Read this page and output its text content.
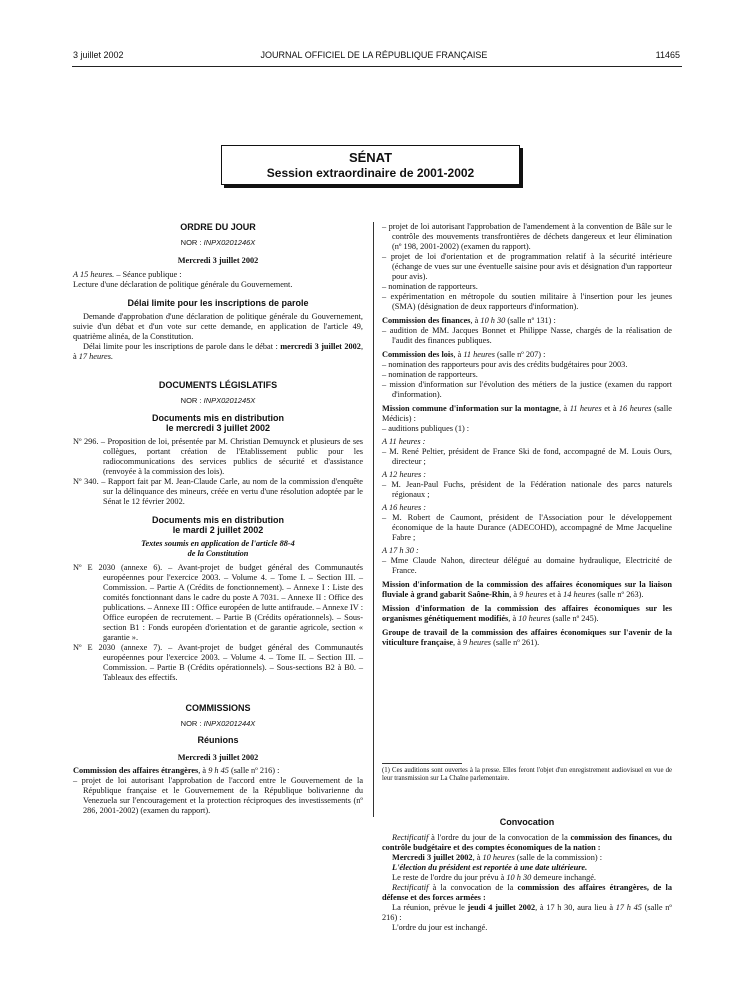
3 juillet 2002	JOURNAL OFFICIEL DE LA RÉPUBLIQUE FRANÇAISE	11465
SÉNAT
Session extraordinaire de 2001-2002
ORDRE DU JOUR
NOR : INPX0201246X
Mercredi 3 juillet 2002
A 15 heures. – Séance publique :
Lecture d'une déclaration de politique générale du Gouvernement.
Délai limite pour les inscriptions de parole
Demande d'approbation d'une déclaration de politique générale du Gouvernement, suivie d'un débat et d'un vote sur cette demande, en application de l'article 49, quatrième alinéa, de la Constitution.
Délai limite pour les inscriptions de parole dans le débat : mercredi 3 juillet 2002, à 17 heures.
DOCUMENTS LÉGISLATIFS
NOR : INPX0201245X
Documents mis en distribution
le mercredi 3 juillet 2002
Nº 296. – Proposition de loi, présentée par M. Christian Demuynck et plusieurs de ses collègues, portant création de l'Etablissement public pour les radiocommunications des services publics de sécurité et d'assistance (renvoyée à la commission des lois).
Nº 340. – Rapport fait par M. Jean-Claude Carle, au nom de la commission d'enquête sur la délinquance des mineurs, créée en vertu d'une résolution adoptée par le Sénat le 12 février 2002.
Documents mis en distribution
le mardi 2 juillet 2002
Textes soumis en application de l'article 88-4
de la Constitution
Nº E 2030 (annexe 6). – Avant-projet de budget général des Communautés européennes pour l'exercice 2003. – Volume 4. – Tome I. – Section III. – Commission. – Partie A (Crédits de fonctionnement). – Annexe I : Liste des comités fonctionnant dans le cadre du poste A 7031. – Annexe II : Office des publications. – Annexe III : Office européen de lutte antifraude. – Annexe IV : Office européen de recrutement. – Partie B (Crédits opérationnels). – Sous-section B1 : Fonds européen d'orientation et de garantie agricole, section « garantie ».
Nº E 2030 (annexe 7). – Avant-projet de budget général des Communautés européennes pour l'exercice 2003. – Volume 4. – Tome II. – Section III. – Commission. – Partie B (Crédits opérationnels). – Sous-sections B2 à B0. – Tableaux des effectifs.
COMMISSIONS
NOR : INPX0201244X
Réunions
Mercredi 3 juillet 2002
Commission des affaires étrangères, à 9 h 45 (salle nº 216) :
– projet de loi autorisant l'approbation de l'accord entre le Gouvernement de la République française et le Gouvernement de la République bolivarienne du Venezuela sur l'encouragement et la protection réciproques des investissements (nº 286, 2001-2002) (examen du rapport).
– projet de loi autorisant l'approbation de l'amendement à la convention de Bâle sur le contrôle des mouvements transfrontières de déchets dangereux et leur élimination (nº 198, 2001-2002) (examen du rapport).
– projet de loi d'orientation et de programmation relatif à la sécurité intérieure (échange de vues sur une éventuelle saisine pour avis et désignation d'un rapporteur pour avis).
– nomination de rapporteurs.
– expérimentation en métropole du soutien militaire à l'insertion pour les jeunes (SMA) (désignation de deux rapporteurs d'information).
Commission des finances, à 10 h 30 (salle nº 131) :
– audition de MM. Jacques Bonnet et Philippe Nasse, chargés de la réalisation de l'audit des finances publiques.
Commission des lois, à 11 heures (salle nº 207) :
– nomination des rapporteurs pour avis des crédits budgétaires pour 2003.
– nomination de rapporteurs.
– mission d'information sur l'évolution des métiers de la justice (examen du rapport d'information).
Mission commune d'information sur la montagne, à 11 heures et à 16 heures (salle Médicis) :
– auditions publiques (1) :
A 11 heures :
– M. René Peltier, président de France Ski de fond, accompagné de M. Louis Ours, directeur ;
A 12 heures :
– M. Jean-Paul Fuchs, président de la Fédération nationale des parcs naturels régionaux ;
A 16 heures :
– M. Robert de Caumont, président de l'Association pour le développement économique de la haute Durance (ADECOHD), accompagné de Mme Jacqueline Fabre ;
A 17 h 30 :
– Mme Claude Nahon, directeur délégué au domaine hydraulique, Electricité de France.
Mission d'information de la commission des affaires économiques sur la liaison fluviale à grand gabarit Saône-Rhin, à 9 heures et à 14 heures (salle nº 263).
Mission d'information de la commission des affaires économiques sur les organismes génétiquement modifiés, à 10 heures (salle nº 245).
Groupe de travail de la commission des affaires économiques sur l'avenir de la viticulture française, à 9 heures (salle nº 261).
(1) Ces auditions sont ouvertes à la presse. Elles feront l'objet d'un enregistrement audiovisuel en vue de leur transmission sur La Chaîne parlementaire.
Convocation
Rectificatif à l'ordre du jour de la convocation de la commission des finances, du contrôle budgétaire et des comptes économiques de la nation :
Mercredi 3 juillet 2002, à 10 heures (salle de la commission) :
L'élection du président est reportée à une date ultérieure.
Le reste de l'ordre du jour prévu à 10 h 30 demeure inchangé.
Rectificatif à la convocation de la commission des affaires étrangères, de la défense et des forces armées :
La réunion, prévue le jeudi 4 juillet 2002, à 17 h 30, aura lieu à 17 h 45 (salle nº 216) :
L'ordre du jour est inchangé.
